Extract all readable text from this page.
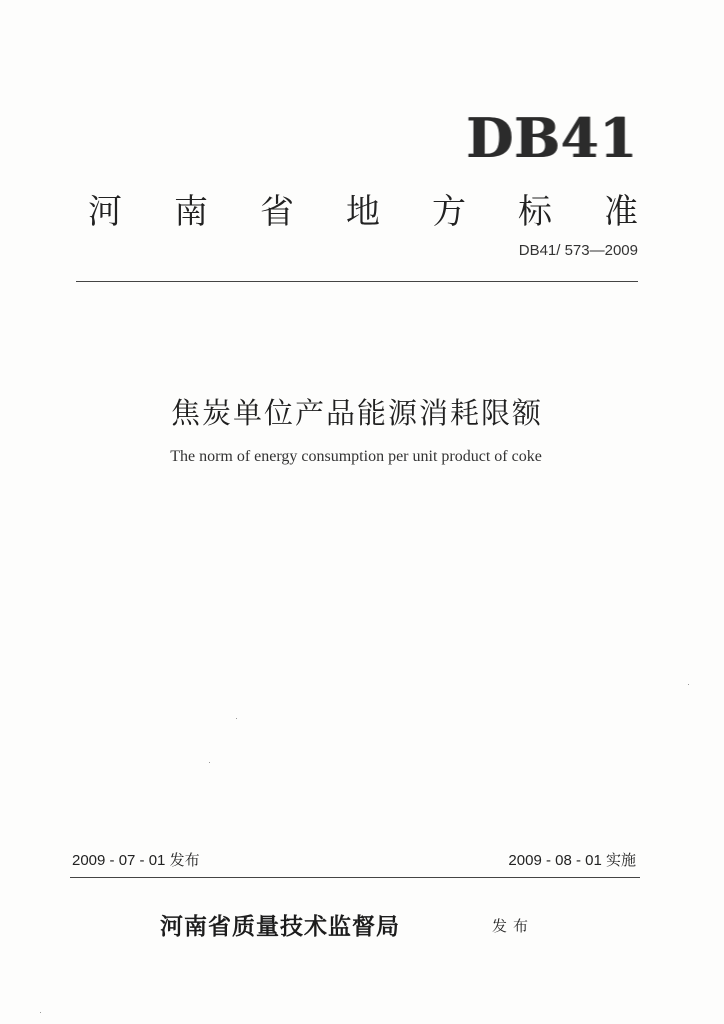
DB41
河 南 省 地 方 标 准
DB41/ 573—2009
焦炭单位产品能源消耗限额
The norm of energy consumption per unit product of coke
2009 - 07 - 01 发布	2009 - 08 - 01 实施
河南省质量技术监督局	发布
